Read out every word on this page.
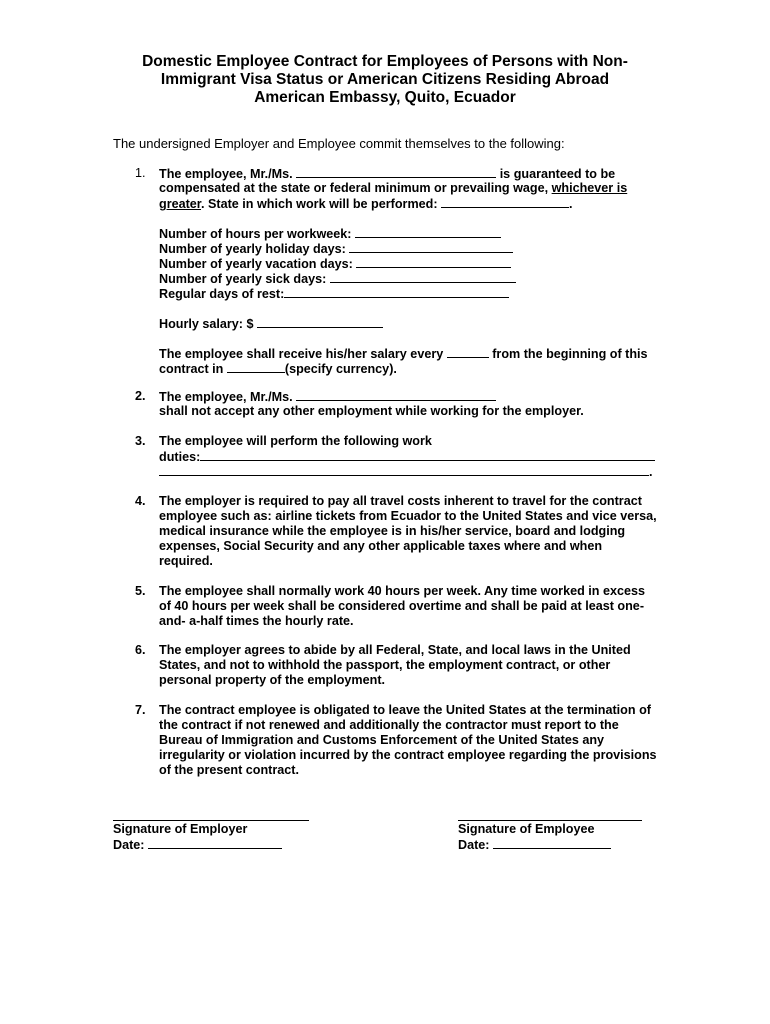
Domestic Employee Contract for Employees of Persons with Non-
Immigrant Visa Status or American Citizens Residing Abroad
American Embassy, Quito, Ecuador
The undersigned Employer and Employee commit themselves to the following:
1. The employee, Mr./Ms.	is guaranteed to be
compensated at the state or federal minimum or prevailing wage, whichever is
greater. State in which work will be performed:	.
Number of hours per workweek:
Number of yearly holiday days:
Number of yearly vacation days:
Number of yearly sick days:
Regular days of rest:
Hourly salary: $
The employee shall receive his/her salary every	from the beginning of this
contract in	(specify currency).
2. The employee, Mr./Ms.
shall not accept any other employment while working for the employer.
3. The employee will perform the following work
duties:
.
4. The employer is required to pay all travel costs inherent to travel for the contract
employee such as: airline tickets from Ecuador to the United States and vice versa,
medical insurance while the employee is in his/her service, board and lodging
expenses, Social Security and any other applicable taxes where and when
required.
5. The employee shall normally work 40 hours per week. Any time worked in excess
of 40 hours per week shall be considered overtime and shall be paid at least one-
and- a-half times the hourly rate.
6. The employer agrees to abide by all Federal, State, and local laws in the United
States, and not to withhold the passport, the employment contract, or other
personal property of the employment.
7. The contract employee is obligated to leave the United States at the termination of
the contract if not renewed and additionally the contractor must report to the
Bureau of Immigration and Customs Enforcement of the United States any
irregularity or violation incurred by the contract employee regarding the provisions
of the present contract.
Signature of Employer
Date:
Signature of Employee
Date:
